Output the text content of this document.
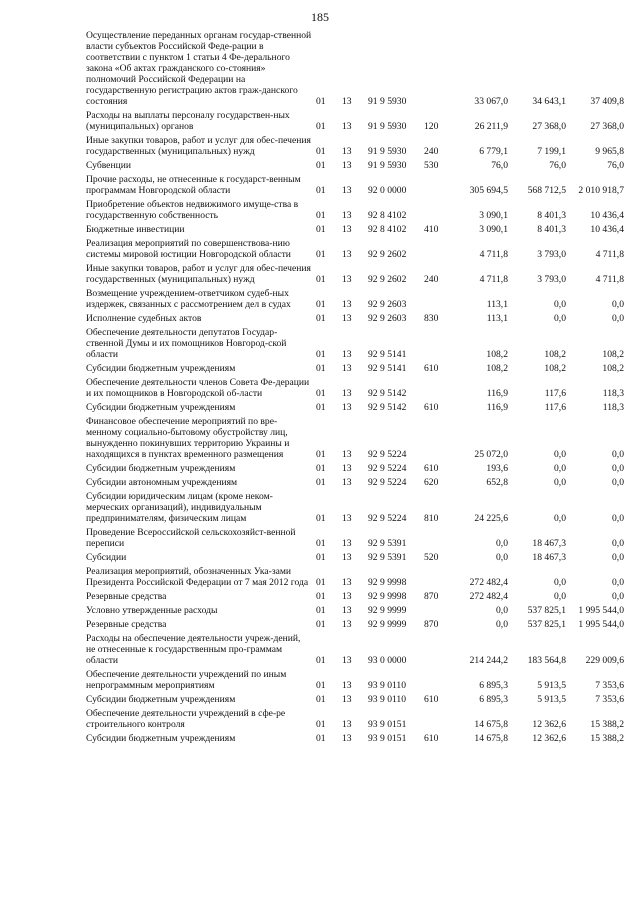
185
Осуществление переданных органам государ-ственной власти субъектов Российской Феде-рации в соответствии с пунктом 1 статьи 4 Фе-дерального закона «Об актах гражданского со-стояния» полномочий Российской Федерации на государственную регистрацию актов граж-данского состояния	01	13	91 9 5930		33 067,0	34 643,1	37 409,8
Расходы на выплаты персоналу государствен-ных (муниципальных) органов	01	13	91 9 5930	120	26 211,9	27 368,0	27 368,0
Иные закупки товаров, работ и услуг для обес-печения государственных (муниципальных) нужд	01	13	91 9 5930	240	6 779,1	7 199,1	9 965,8
Субвенции	01	13	91 9 5930	530	76,0	76,0	76,0
Прочие расходы, не отнесенные к государст-венным программам Новгородской области	01	13	92 0 0000		305 694,5	568 712,5	2 010 918,7
Приобретение объектов недвижимого имуще-ства в государственную собственность	01	13	92 8 4102		3 090,1	8 401,3	10 436,4
Бюджетные инвестиции	01	13	92 8 4102	410	3 090,1	8 401,3	10 436,4
Реализация мероприятий по совершенствова-нию системы мировой юстиции Новгородской области	01	13	92 9 2602		4 711,8	3 793,0	4 711,8
Иные закупки товаров, работ и услуг для обес-печения государственных (муниципальных) нужд	01	13	92 9 2602	240	4 711,8	3 793,0	4 711,8
Возмещение учреждением-ответчиком судеб-ных издержек, связанных с рассмотрением дел в судах	01	13	92 9 2603		113,1	0,0	0,0
Исполнение судебных актов	01	13	92 9 2603	830	113,1	0,0	0,0
Обеспечение деятельности депутатов Государ-ственной Думы и их помощников Новгород-ской области	01	13	92 9 5141		108,2	108,2	108,2
Субсидии бюджетным учреждениям	01	13	92 9 5141	610	108,2	108,2	108,2
Обеспечение деятельности членов Совета Фе-дерации и их помощников в Новгородской об-ласти	01	13	92 9 5142		116,9	117,6	118,3
Субсидии бюджетным учреждениям	01	13	92 9 5142	610	116,9	117,6	118,3
Финансовое обеспечение мероприятий по вре-менному социально-бытовому обустройству лиц, вынужденно покинувших территорию Украины и находящихся в пунктах временного размещения	01	13	92 9 5224		25 072,0	0,0	0,0
Субсидии бюджетным учреждениям	01	13	92 9 5224	610	193,6	0,0	0,0
Субсидии автономным учреждениям	01	13	92 9 5224	620	652,8	0,0	0,0
Субсидии юридическим лицам (кроме неком-мерческих организаций), индивидуальным предпринимателям, физическим лицам	01	13	92 9 5224	810	24 225,6	0,0	0,0
Проведение Всероссийской сельскохозяйст-венной переписи	01	13	92 9 5391		0,0	18 467,3	0,0
Субсидии	01	13	92 9 5391	520	0,0	18 467,3	0,0
Реализация мероприятий, обозначенных Ука-зами Президента Российской Федерации от 7 мая 2012 года	01	13	92 9 9998		272 482,4	0,0	0,0
Резервные средства	01	13	92 9 9998	870	272 482,4	0,0	0,0
Условно утвержденные расходы	01	13	92 9 9999		0,0	537 825,1	1 995 544,0
Резервные средства	01	13	92 9 9999	870	0,0	537 825,1	1 995 544,0
Расходы на обеспечение деятельности учреж-дений, не отнесенные к государственным про-граммам области	01	13	93 0 0000		214 244,2	183 564,8	229 009,6
Обеспечение деятельности учреждений по иным непрограммным мероприятиям	01	13	93 9 0110		6 895,3	5 913,5	7 353,6
Субсидии бюджетным учреждениям	01	13	93 9 0110	610	6 895,3	5 913,5	7 353,6
Обеспечение деятельности учреждений в сфе-ре строительного контроля	01	13	93 9 0151		14 675,8	12 362,6	15 388,2
Субсидии бюджетным учреждениям	01	13	93 9 0151	610	14 675,8	12 362,6	15 388,2
